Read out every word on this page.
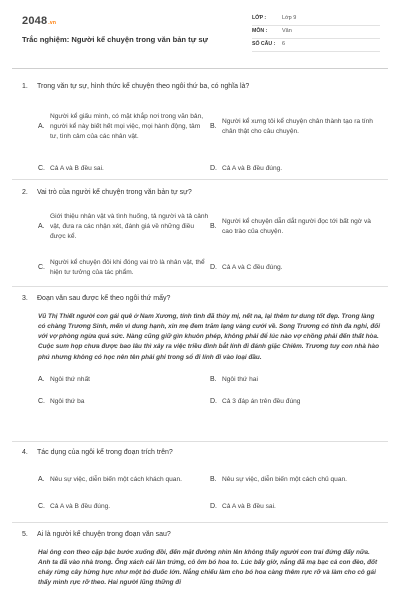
2048.vn
Trắc nghiệm: Người kể chuyện trong văn bản tự sự
LỚP :	Lớp 9
MÔN :	Văn
SỐ CÂU :	6
1.	Trong văn tự sự, hình thức kể chuyện theo ngôi thứ ba, có nghĩa là?
A.
Người kể giấu mình, có mặt khắp nơi trong văn bản, người kể này biết hết mọi việc, mọi hành động, tâm tư, tình cảm của các nhân vật.
B.
Người kể xưng tôi kể chuyện chân thành tạo ra tính chân thật cho câu chuyện.
C. Cả A và B đều sai.	D. Cả A và B đều đúng.
2.	Vai trò của người kể chuyện trong văn bản tự sự?
A.
Giới thiệu nhân vật và tình huống, tả người và tả cảnh vật, đưa ra các nhận xét, đánh giá về những điều được kể.
B.
Người kể chuyện dẫn dắt người đọc tới bất ngờ và cao trào của chuyện.
C.
Người kể chuyện đôi khi đóng vai trò là nhân vật, thể hiện tư tưởng của tác phẩm.
D. Cả A và C đều đúng.
3.	Đoạn văn sau được kể theo ngôi thứ mấy?
Vũ Thị Thiết người con gái quê ở Nam Xương, tính tình đã thùy mị, nết na, lại thêm tư dung tốt đẹp. Trong làng có chàng Trương Sinh, mến vì dung hạnh, xin mẹ đem trăm lạng vàng cưới về. Song Trương có tính đa nghi, đối với vợ phòng ngừa quá sức. Nàng cũng giữ gìn khuôn phép, không phải để lúc nào vợ chồng phải đến thất hòa. Cuộc sum họp chưa được bao lâu thì xảy ra việc triều đình bắt lính đi đánh giặc Chiêm. Trương tuy con nhà hào phú nhưng không có học nên tên phải ghi trong sổ đi lính đi vào loại đầu.
A. Ngôi thứ nhất	B. Ngôi thứ hai
C. Ngôi thứ ba	D. Cả 3 đáp án trên đều đúng
4.	Tác dụng của ngôi kể trong đoạn trích trên?
A. Nêu sự việc, diễn biến một cách khách quan.	B. Nêu sự việc, diễn biến một cách chủ quan.
C. Cả A và B đều đúng.	D. Cả A và B đều sai.
5.	Ai là người kể chuyện trong đoạn văn sau?
Hai ông con theo cặp bậc bước xuống đồi, đến mặt đường nhìn lên không thấy người con trai đứng đấy nữa. Anh ta đã vào nhà trong. Ông xách cái làn trứng, cô ôm bó hoa to. Lúc bấy giờ, nắng đã mạ bạc cả con đèo, đốt cháy rừng cây hừng hực như một bó đuốc lớn. Nắng chiếu làm cho bó hoa càng thêm rực rỡ và làm cho cô gái thấy mình rực rỡ theo. Hai người lũng thững đi
